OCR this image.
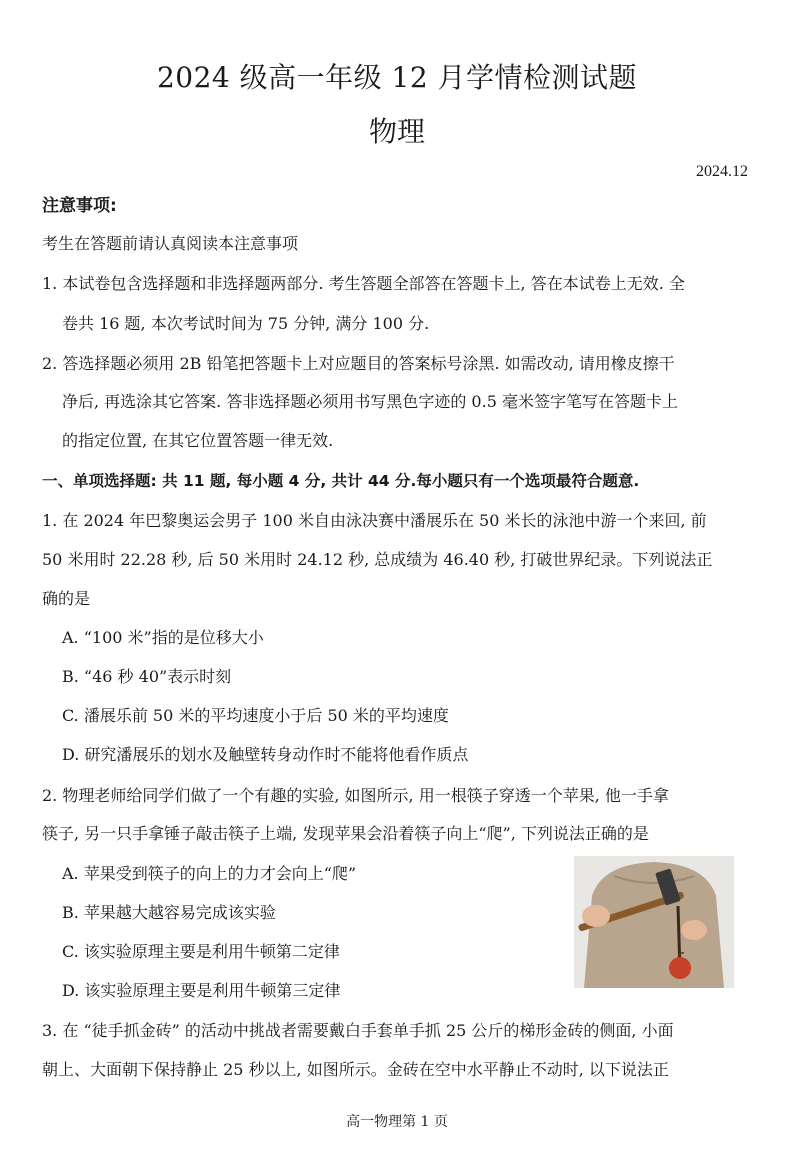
2024 级高一年级 12 月学情检测试题
物理
2024.12
注意事项:
考生在答题前请认真阅读本注意事项
1. 本试卷包含选择题和非选择题两部分. 考生答题全部答在答题卡上, 答在本试卷上无效. 全
卷共 16 题, 本次考试时间为 75 分钟, 满分 100 分.
2. 答选择题必须用 2B 铅笔把答题卡上对应题目的答案标号涂黑. 如需改动, 请用橡皮擦干
净后, 再选涂其它答案. 答非选择题必须用书写黑色字迹的 0.5 毫米签字笔写在答题卡上
的指定位置, 在其它位置答题一律无效.
一、单项选择题: 共 11 题, 每小题 4 分, 共计 44 分.每小题只有一个选项最符合题意.
1. 在 2024 年巴黎奥运会男子 100 米自由泳决赛中潘展乐在 50 米长的泳池中游一个来回, 前
50 米用时 22.28 秒, 后 50 米用时 24.12 秒, 总成绩为 46.40 秒, 打破世界纪录。下列说法正
确的是
A. “100 米”指的是位移大小
B. “46 秒 40”表示时刻
C. 潘展乐前 50 米的平均速度小于后 50 米的平均速度
D. 研究潘展乐的划水及触壁转身动作时不能将他看作质点
2. 物理老师给同学们做了一个有趣的实验, 如图所示, 用一根筷子穿透一个苹果, 他一手拿
筷子, 另一只手拿锤子敲击筷子上端, 发现苹果会沿着筷子向上“爬”, 下列说法正确的是
A. 苹果受到筷子的向上的力才会向上“爬”
B. 苹果越大越容易完成该实验
C. 该实验原理主要是利用牛顿第二定律
D. 该实验原理主要是利用牛顿第三定律
3. 在 “徒手抓金砖” 的活动中挑战者需要戴白手套单手抓 25 公斤的梯形金砖的侧面, 小面
朝上、大面朝下保持静止 25 秒以上, 如图所示。金砖在空中水平静止不动时, 以下说法正
高一物理第 1 页
